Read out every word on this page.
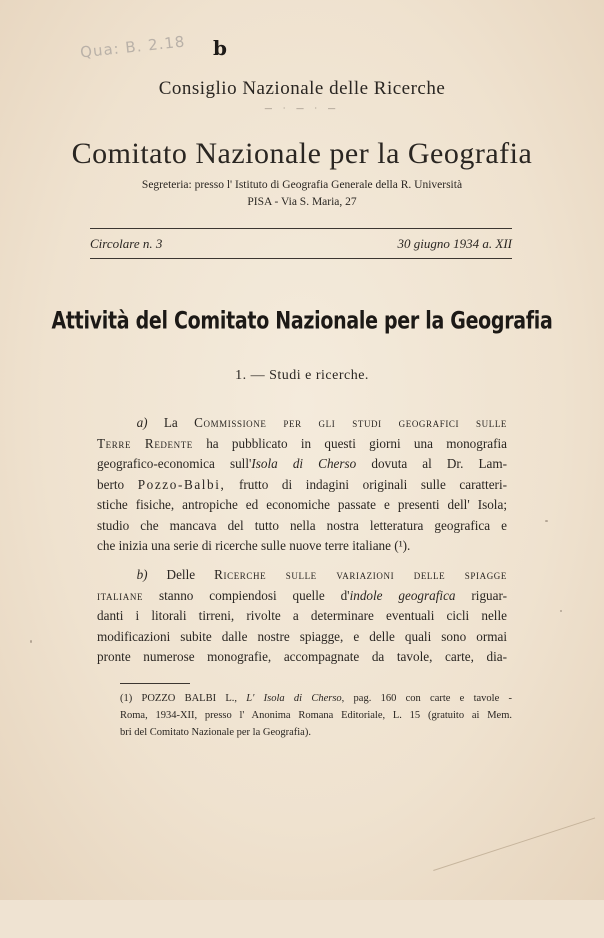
Qua: B. 2.18 b
Consiglio Nazionale delle Ricerche
— · — · —
Comitato Nazionale per la Geografia
Segreteria: presso l' Istituto di Geografia Generale della R. Università
PISA - Via S. Maria, 27
Circolare n. 3	30 giugno 1934 a. XII
Attività del Comitato Nazionale per la Geografia
1. — Studi e ricerche.
   a) La Commissione per gli studi geografici sulle
Terre Redente ha pubblicato in questi giorni una monografia
geografico-economica sull'Isola di Cherso dovuta al Dr. Lam-
berto Pozzo-Balbi, frutto di indagini originali sulle caratteri-
stiche fisiche, antropiche ed economiche passate e presenti dell' Isola;
studio che mancava del tutto nella nostra letteratura geografica e
che inizia una serie di ricerche sulle nuove terre italiane (¹).
   b) Delle Ricerche sulle variazioni delle spiagge
italiane stanno compiendosi quelle d'indole geografica riguar-
danti i litorali tirreni, rivolte a determinare eventuali cicli nelle
modificazioni subite dalle nostre spiagge, e delle quali sono ormai
pronte numerose monografie, accompagnate da tavole, carte, dia-
(1) POZZO BALBI L., L' Isola di Cherso, pag. 160 con carte e tavole -
Roma, 1934-XII, presso l' Anonima Romana Editoriale, L. 15 (gratuito ai Mem.
bri del Comitato Nazionale per la Geografia).
